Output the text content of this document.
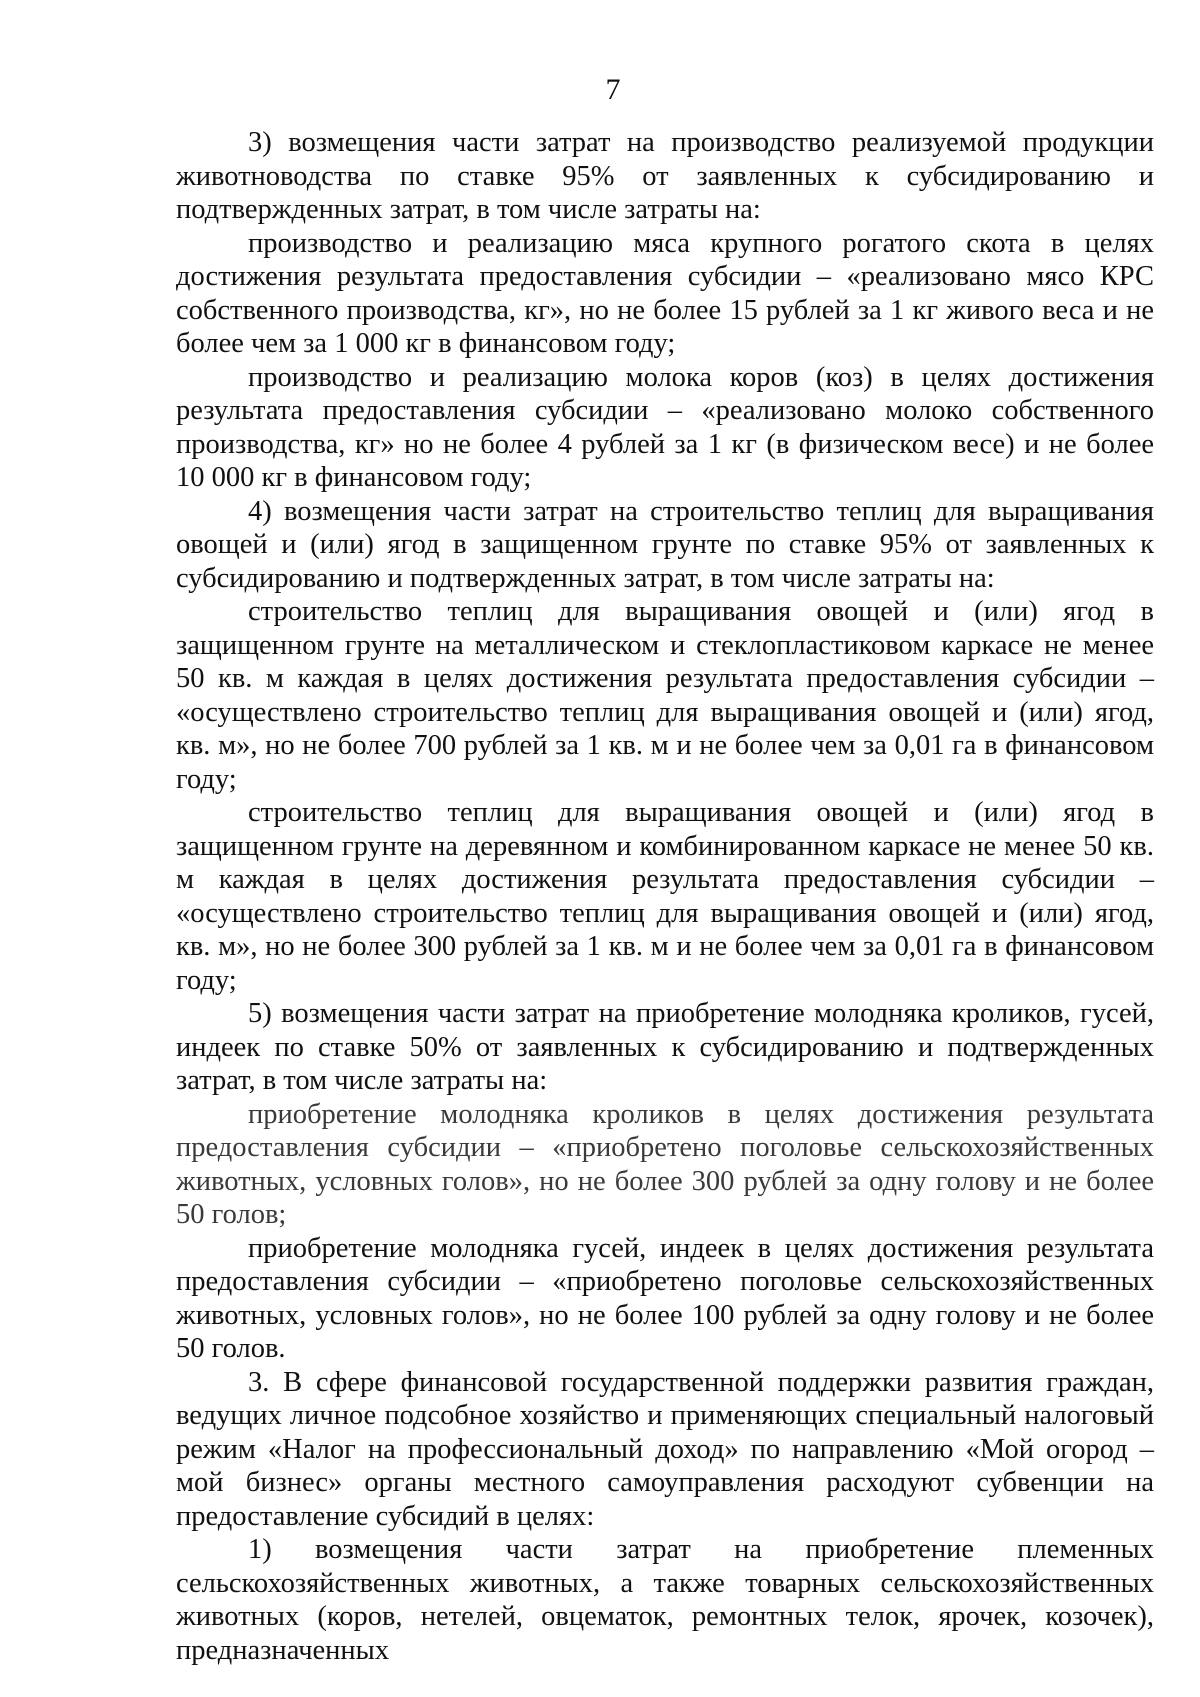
7

3) возмещения части затрат на производство реализуемой продукции животноводства по ставке 95% от заявленных к субсидированию и подтвержденных затрат, в том числе затраты на:

производство и реализацию мяса крупного рогатого скота в целях достижения результата предоставления субсидии – «реализовано мясо КРС собственного производства, кг», но не более 15 рублей за 1 кг живого веса и не более чем за 1 000 кг в финансовом году;

производство и реализацию молока коров (коз) в целях достижения результата предоставления субсидии – «реализовано молоко собственного производства, кг» но не более 4 рублей за 1 кг (в физическом весе) и не более 10 000 кг в финансовом году;

4) возмещения части затрат на строительство теплиц для выращивания овощей и (или) ягод в защищенном грунте по ставке 95% от заявленных к субсидированию и подтвержденных затрат, в том числе затраты на:

строительство теплиц для выращивания овощей и (или) ягод в защищенном грунте на металлическом и стеклопластиковом каркасе не менее 50 кв. м каждая в целях достижения результата предоставления субсидии – «осуществлено строительство теплиц для выращивания овощей и (или) ягод, кв. м», но не более 700 рублей за 1 кв. м и не более чем за 0,01 га в финансовом году;

строительство теплиц для выращивания овощей и (или) ягод в защищенном грунте на деревянном и комбинированном каркасе не менее 50 кв. м каждая в целях достижения результата предоставления субсидии – «осуществлено строительство теплиц для выращивания овощей и (или) ягод, кв. м», но не более 300 рублей за 1 кв. м и не более чем за 0,01 га в финансовом году;

5) возмещения части затрат на приобретение молодняка кроликов, гусей, индеек по ставке 50% от заявленных к субсидированию и подтвержденных затрат, в том числе затраты на:

приобретение молодняка кроликов в целях достижения результата предоставления субсидии – «приобретено поголовье сельскохозяйственных животных, условных голов», но не более 300 рублей за одну голову и не более 50 голов;

приобретение молодняка гусей, индеек в целях достижения результата предоставления субсидии – «приобретено поголовье сельскохозяйственных животных, условных голов», но не более 100 рублей за одну голову и не более 50 голов.

3. В сфере финансовой государственной поддержки развития граждан, ведущих личное подсобное хозяйство и применяющих специальный налоговый режим «Налог на профессиональный доход» по направлению «Мой огород – мой бизнес» органы местного самоуправления расходуют субвенции на предоставление субсидий в целях:

1) возмещения части затрат на приобретение племенных сельскохозяйственных животных, а также товарных сельскохозяйственных животных (коров, нетелей, овцематок, ремонтных телок, ярочек, козочек), предназначенных
